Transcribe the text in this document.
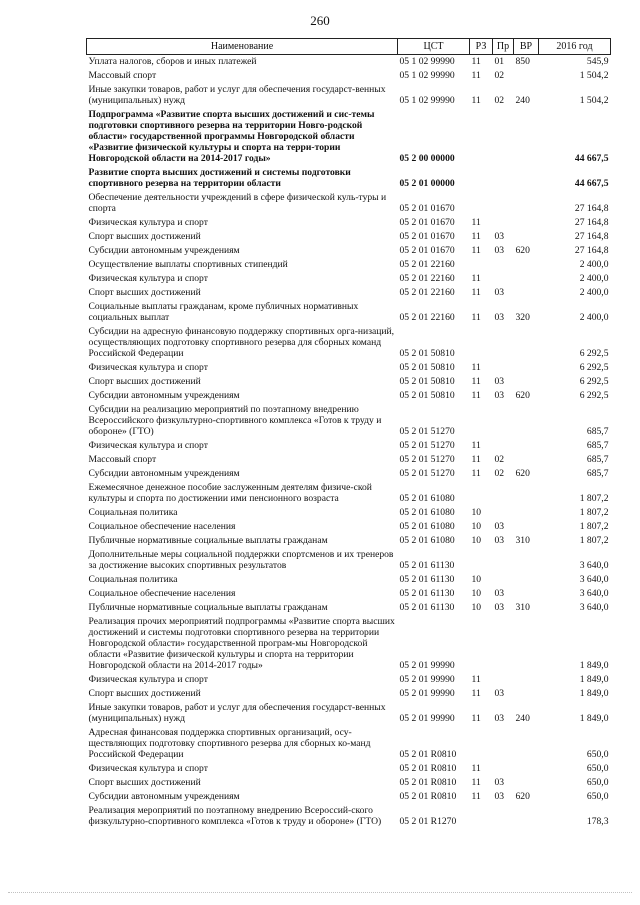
260
Наименование	ЦСТ	РЗ	Пр	ВР	2016 год
Уплата налогов, сборов и иных платежей	05 1 02 99990	11	01	850	545,9
Массовый спорт	05 1 02 99990	11	02		1 504,2
Иные закупки товаров, работ и услуг для обеспечения государст-венных (муниципальных) нужд	05 1 02 99990	11	02	240	1 504,2
Подпрограмма «Развитие спорта высших достижений и сис-темы подготовки спортивного резерва на территории Новго-родской области» государственной программы Новгородской области «Развитие физической культуры и спорта на терри-тории Новгородской области на 2014-2017 годы»	05 2 00 00000				44 667,5
Развитие спорта высших достижений и системы подготовки спортивного резерва на территории области	05 2 01 00000				44 667,5
Обеспечение деятельности учреждений в сфере физической куль-туры и спорта	05 2 01 01670				27 164,8
Физическая культура и спорт	05 2 01 01670	11			27 164,8
Спорт высших достижений	05 2 01 01670	11	03		27 164,8
Субсидии автономным учреждениям	05 2 01 01670	11	03	620	27 164,8
Осуществление выплаты спортивных стипендий	05 2 01 22160				2 400,0
Физическая культура и спорт	05 2 01 22160	11			2 400,0
Спорт высших достижений	05 2 01 22160	11	03		2 400,0
Социальные выплаты гражданам, кроме публичных нормативных социальных выплат	05 2 01 22160	11	03	320	2 400,0
Субсидии на адресную финансовую поддержку спортивных орга-низаций, осуществляющих подготовку спортивного резерва для сборных команд Российской Федерации	05 2 01 50810				6 292,5
Физическая культура и спорт	05 2 01 50810	11			6 292,5
Спорт высших достижений	05 2 01 50810	11	03		6 292,5
Субсидии автономным учреждениям	05 2 01 50810	11	03	620	6 292,5
Субсидии на реализацию мероприятий по поэтапному внедрению Всероссийского физкультурно-спортивного комплекса «Готов к труду и обороне» (ГТО)	05 2 01 51270				685,7
Физическая культура и спорт	05 2 01 51270	11			685,7
Массовый спорт	05 2 01 51270	11	02		685,7
Субсидии автономным учреждениям	05 2 01 51270	11	02	620	685,7
Ежемесячное денежное пособие заслуженным деятелям физиче-ской культуры и спорта по достижении ими пенсионного возраста	05 2 01 61080				1 807,2
Социальная политика	05 2 01 61080	10			1 807,2
Социальное обеспечение населения	05 2 01 61080	10	03		1 807,2
Публичные нормативные социальные выплаты гражданам	05 2 01 61080	10	03	310	1 807,2
Дополнительные меры социальной поддержки спортсменов и их тренеров за достижение высоких спортивных результатов	05 2 01 61130				3 640,0
Социальная политика	05 2 01 61130	10			3 640,0
Социальное обеспечение населения	05 2 01 61130	10	03		3 640,0
Публичные нормативные социальные выплаты гражданам	05 2 01 61130	10	03	310	3 640,0
Реализация прочих мероприятий подпрограммы «Развитие спорта высших достижений и системы подготовки спортивного резерва на территории Новгородской области» государственной програм-мы Новгородской области «Развитие физической культуры и спорта на территории Новгородской области на 2014-2017 годы»	05 2 01 99990				1 849,0
Физическая культура и спорт	05 2 01 99990	11			1 849,0
Спорт высших достижений	05 2 01 99990	11	03		1 849,0
Иные закупки товаров, работ и услуг для обеспечения государст-венных (муниципальных) нужд	05 2 01 99990	11	03	240	1 849,0
Адресная финансовая поддержка спортивных организаций, осу-ществляющих подготовку спортивного резерва для сборных ко-манд Российской Федерации	05 2 01 R0810				650,0
Физическая культура и спорт	05 2 01 R0810	11			650,0
Спорт высших достижений	05 2 01 R0810	11	03		650,0
Субсидии автономным учреждениям	05 2 01 R0810	11	03	620	650,0
Реализация мероприятий по поэтапному внедрению Всероссий-ского физкультурно-спортивного комплекса «Готов к труду и обороне» (ГТО)	05 2 01 R1270				178,3
